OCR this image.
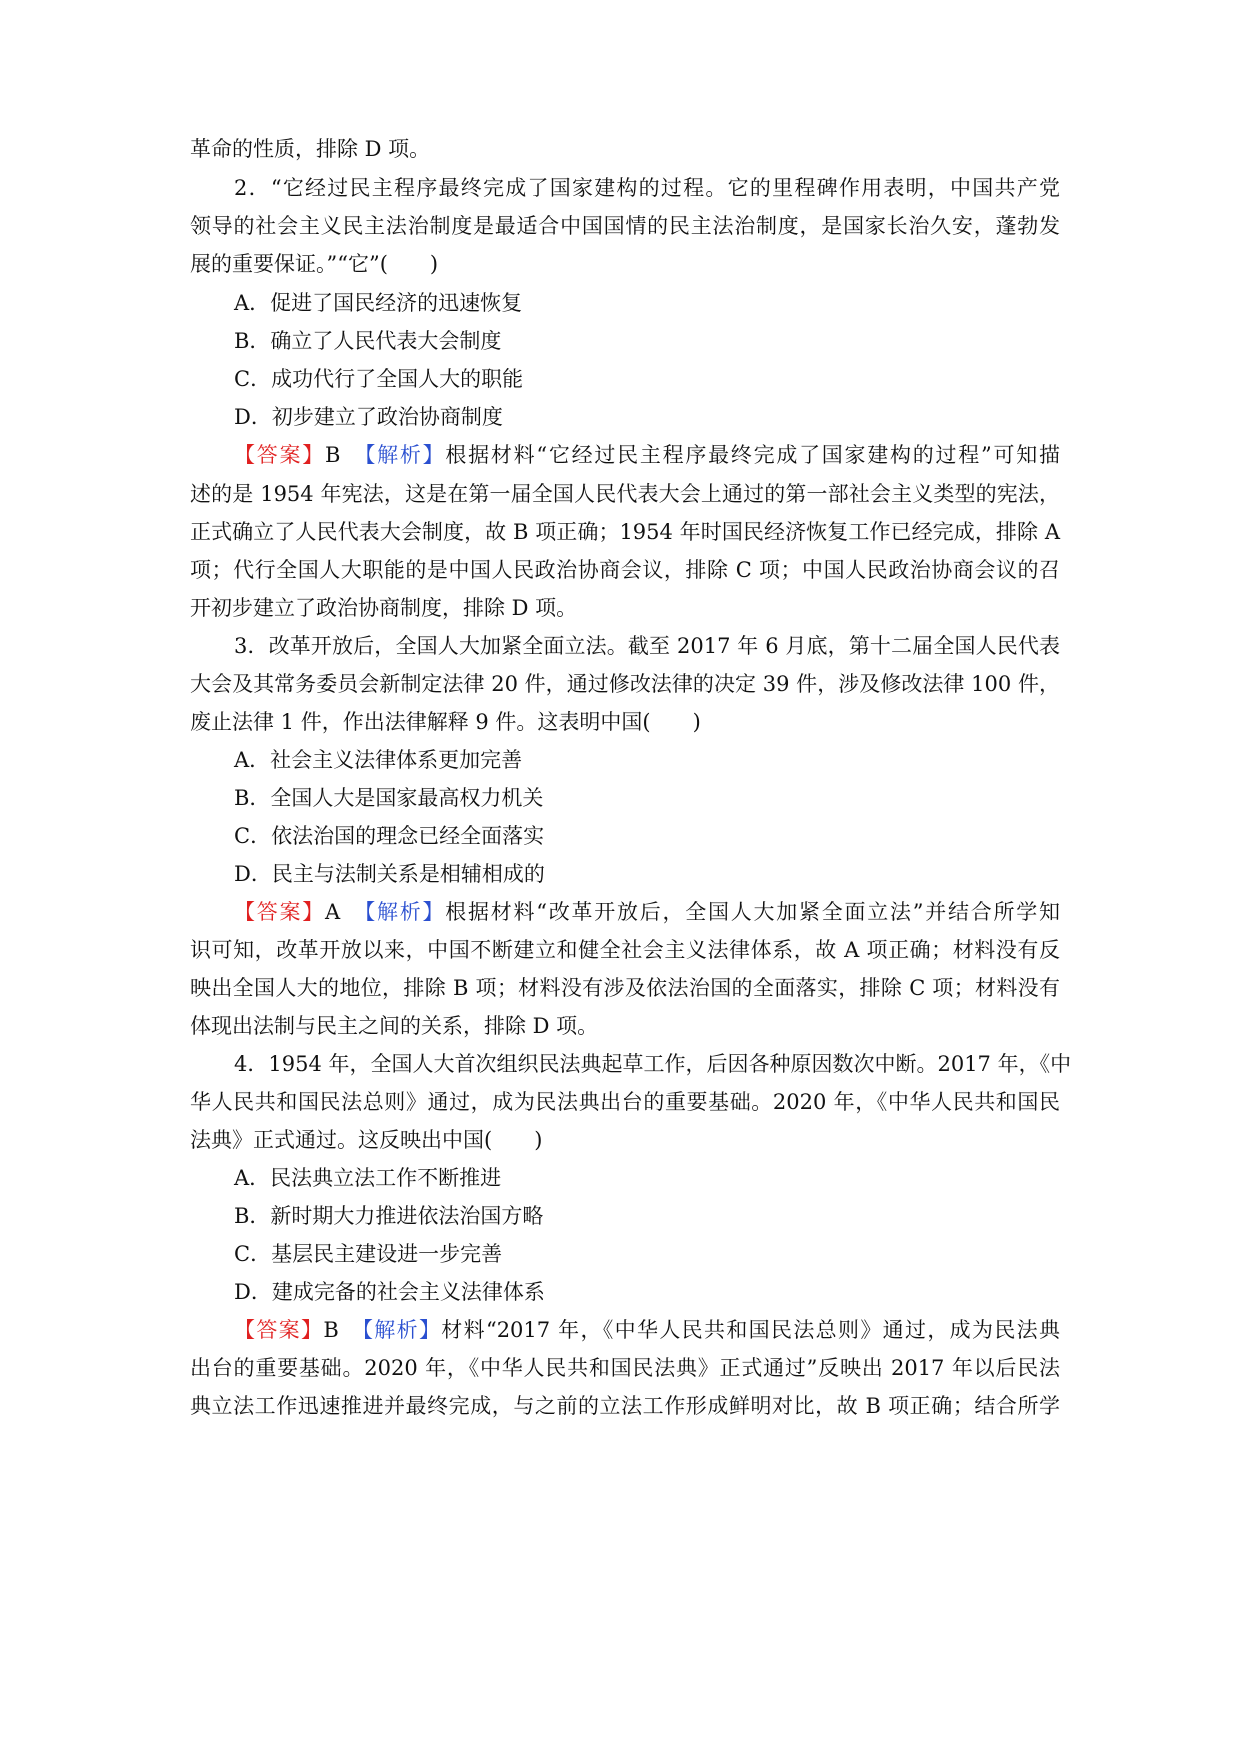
革命的性质，排除 D 项。
2．“它经过民主程序最终完成了国家建构的过程。它的里程碑作用表明，中国共产党
领导的社会主义民主法治制度是最适合中国国情的民主法治制度，是国家长治久安，蓬勃发
展的重要保证。”“它”(　　)
A．促进了国民经济的迅速恢复
B．确立了人民代表大会制度
C．成功代行了全国人大的职能
D．初步建立了政治协商制度
【答案】B　 【解析】根据材料“它经过民主程序最终完成了国家建构的过程”可知描
述的是 1954 年宪法，这是在第一届全国人民代表大会上通过的第一部社会主义类型的宪法，
正式确立了人民代表大会制度，故 B 项正确；1954 年时国民经济恢复工作已经完成，排除 A
项；代行全国人大职能的是中国人民政治协商会议，排除 C 项；中国人民政治协商会议的召
开初步建立了政治协商制度，排除 D 项。
3．改革开放后，全国人大加紧全面立法。截至 2017 年 6 月底，第十二届全国人民代表
大会及其常务委员会新制定法律 20 件，通过修改法律的决定 39 件，涉及修改法律 100 件，
废止法律 1 件，作出法律解释 9 件。这表明中国(　　)
A．社会主义法律体系更加完善
B．全国人大是国家最高权力机关
C．依法治国的理念已经全面落实
D．民主与法制关系是相辅相成的
【答案】A　 【解析】根据材料“改革开放后，全国人大加紧全面立法”并结合所学知
识可知，改革开放以来，中国不断建立和健全社会主义法律体系，故 A 项正确；材料没有反
映出全国人大的地位，排除 B 项；材料没有涉及依法治国的全面落实，排除 C 项；材料没有
体现出法制与民主之间的关系，排除 D 项。
4．1954 年，全国人大首次组织民法典起草工作，后因各种原因数次中断。2017 年，《中
华人民共和国民法总则》通过，成为民法典出台的重要基础。2020 年，《中华人民共和国民
法典》正式通过。这反映出中国(　　)
A．民法典立法工作不断推进
B．新时期大力推进依法治国方略
C．基层民主建设进一步完善
D．建成完备的社会主义法律体系
【答案】B　 【解析】材料“2017 年，《中华人民共和国民法总则》通过，成为民法典
出台的重要基础。2020 年，《中华人民共和国民法典》正式通过”反映出 2017 年以后民法
典立法工作迅速推进并最终完成，与之前的立法工作形成鲜明对比，故 B 项正确；结合所学
